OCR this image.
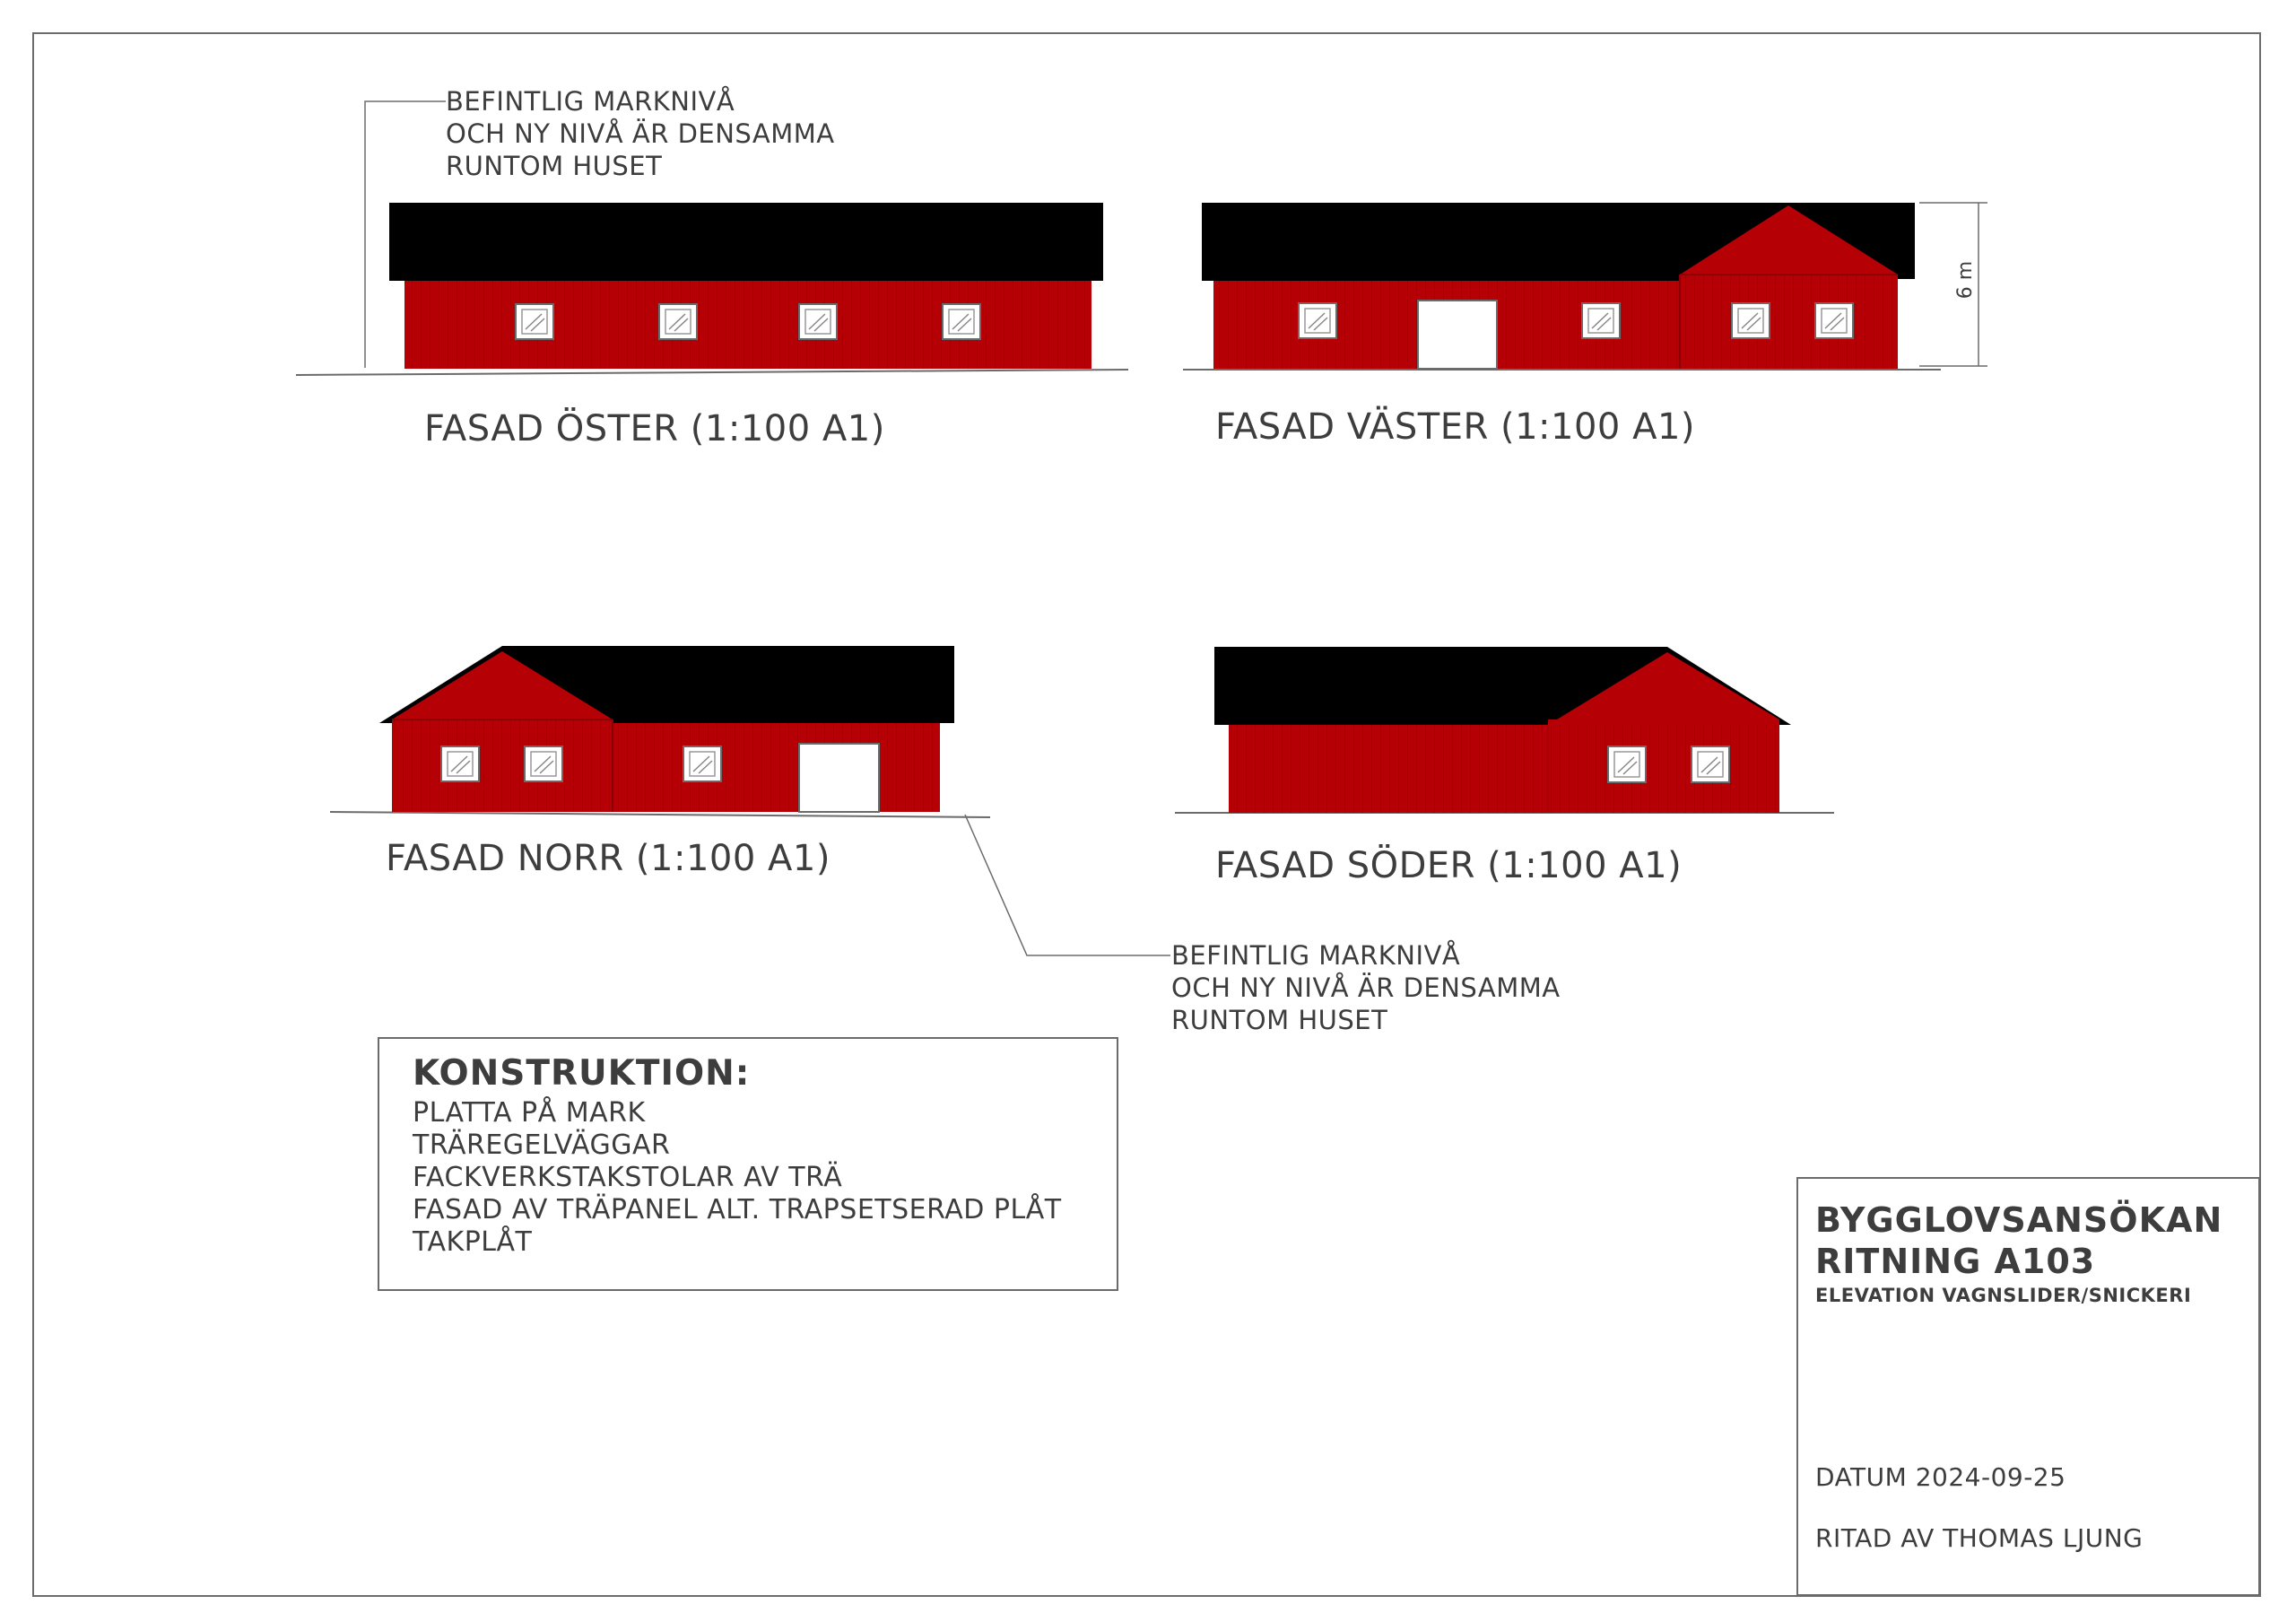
6 m
BEFINTLIG MARKNIVÅ
OCH NY NIVÅ ÄR DENSAMMA
RUNTOM HUSET
BEFINTLIG MARKNIVÅ
OCH NY NIVÅ ÄR DENSAMMA
RUNTOM HUSET
FASAD ÖSTER (1:100 A1)	FASAD VÄSTER (1:100 A1)
FASAD NORR (1:100 A1)	FASAD SÖDER (1:100 A1)
KONSTRUKTION:
PLATTA PÅ MARK
TRÄREGELVÄGGAR
FACKVERKSTAKSTOLAR AV TRÄ
FASAD AV TRÄPANEL ALT. TRAPSETSERAD PLÅT
TAKPLÅT

BYGGLOVSANSÖKAN

RITNING A103

ELEVATION VAGNSLIDER/SNICKERI

DATUM 2024-09-25

RITAD AV THOMAS LJUNG
